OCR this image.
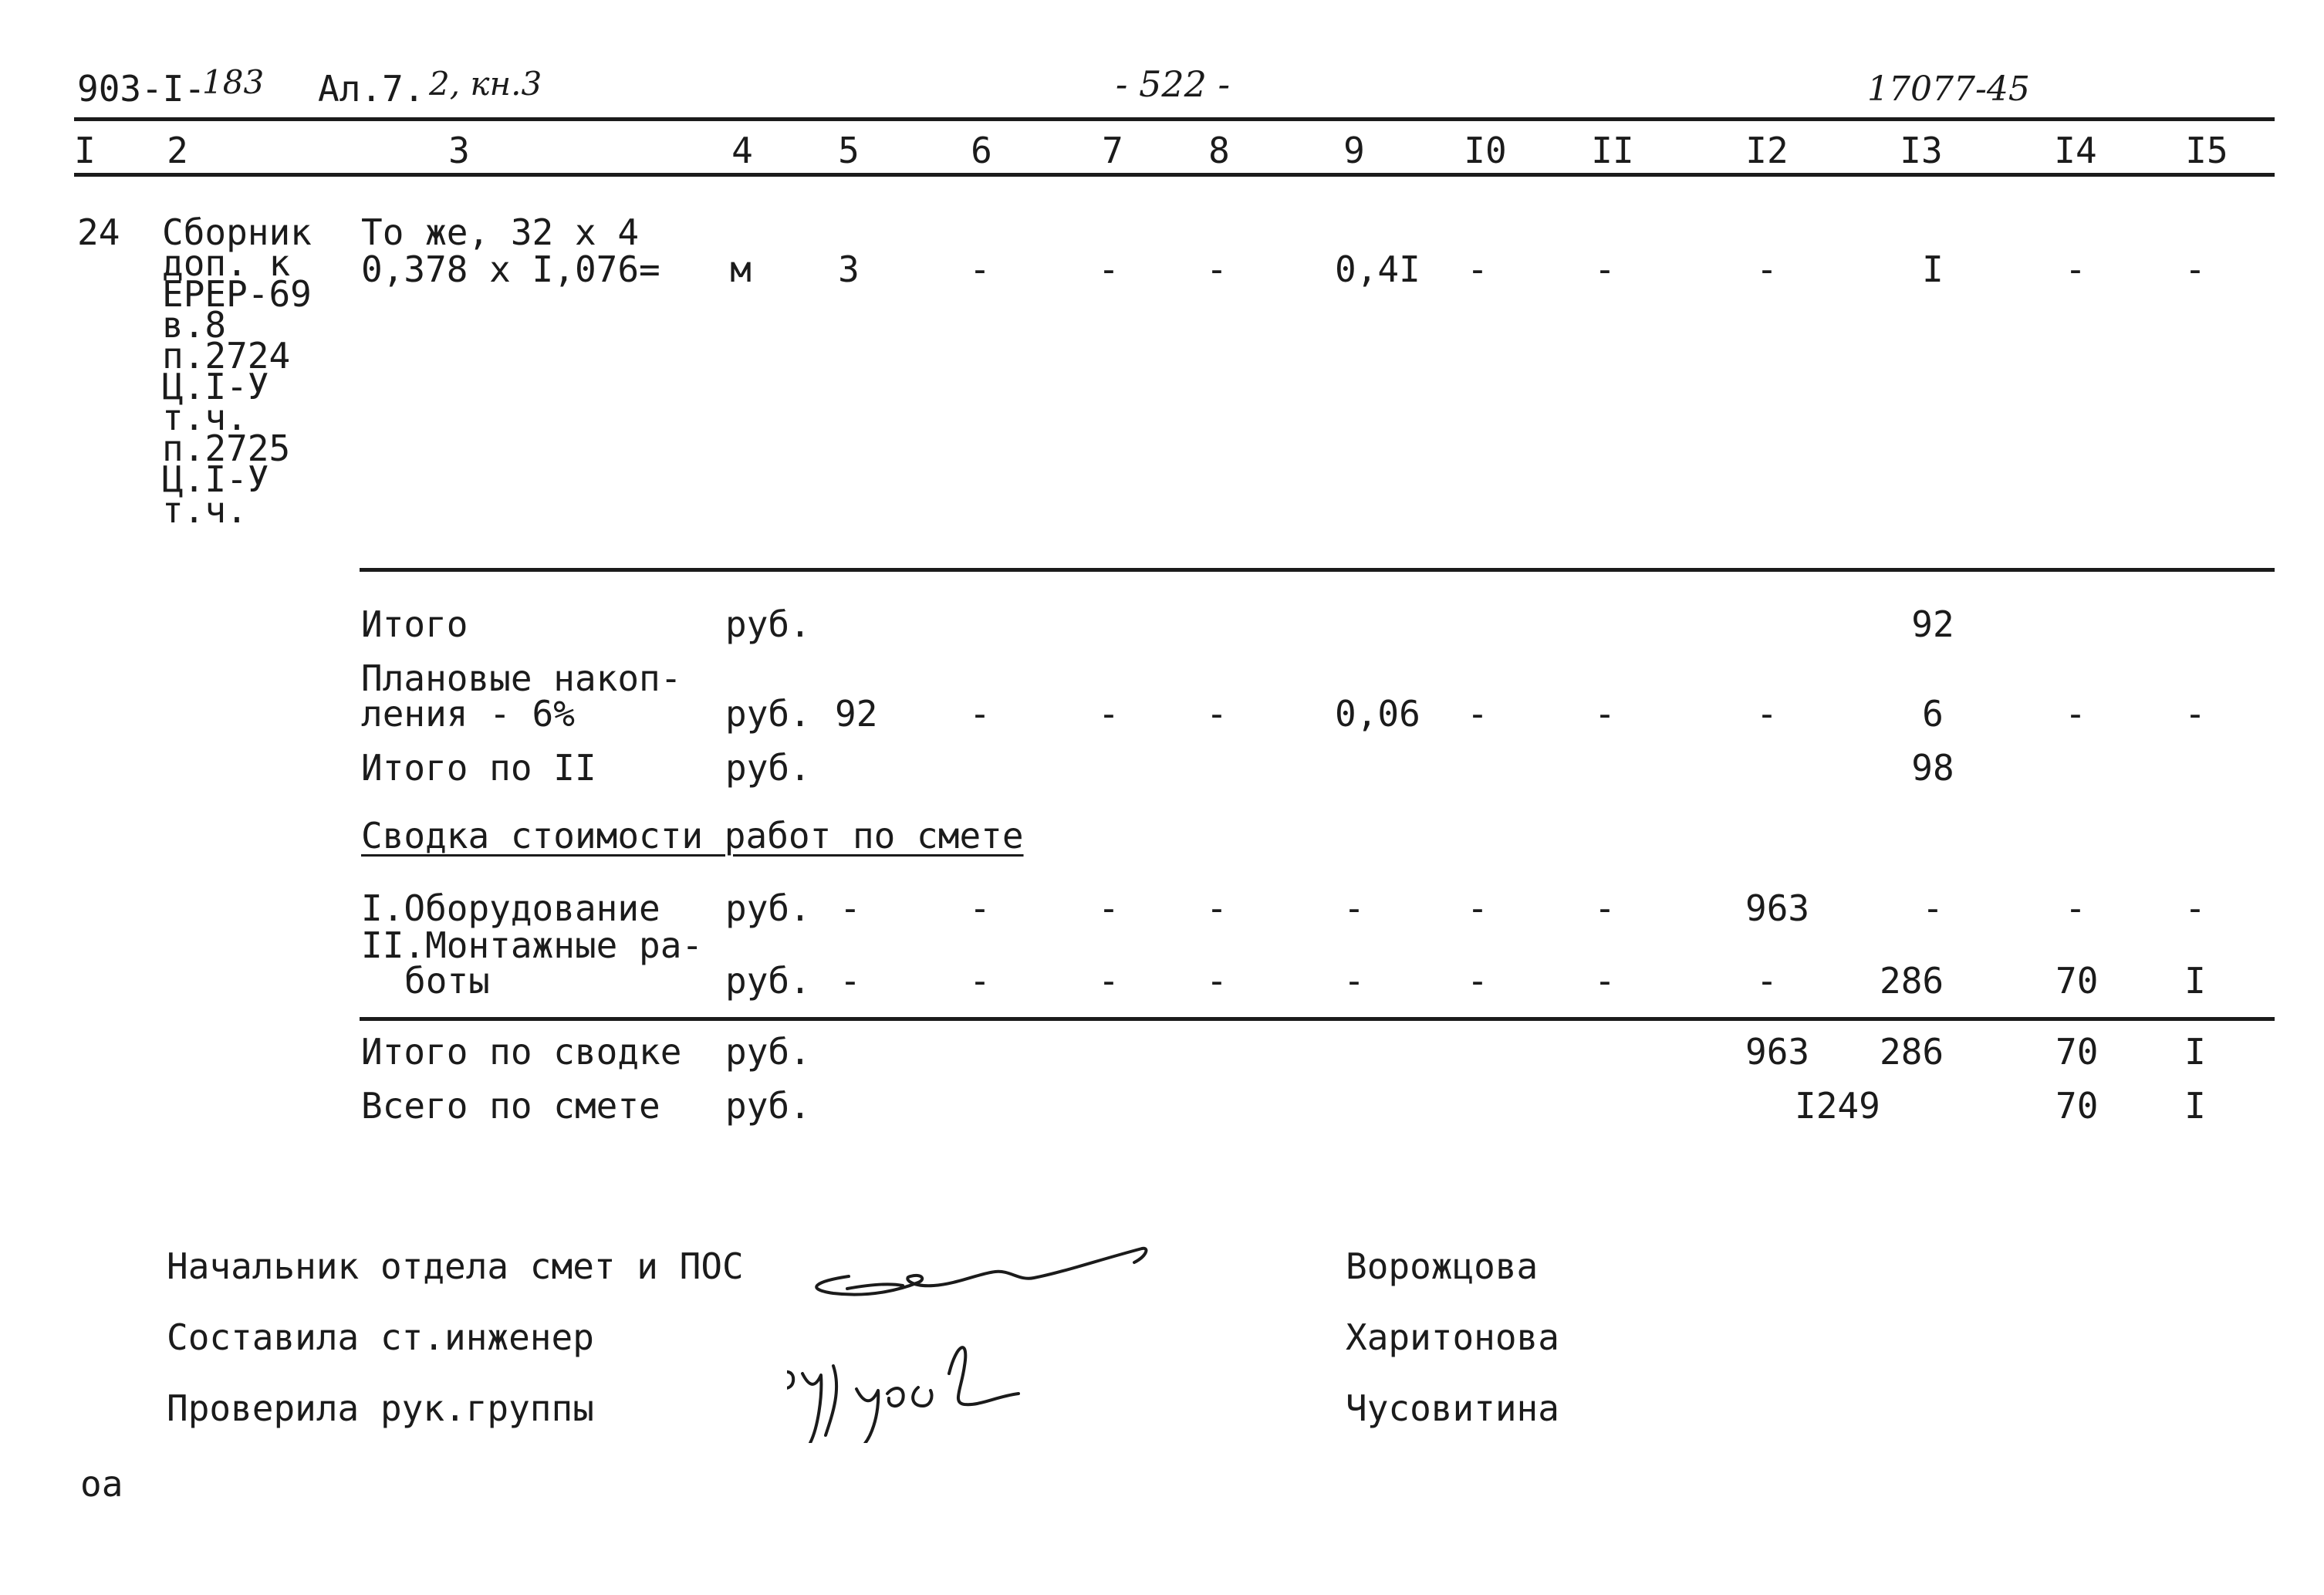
903-I-
183 Ал.7. 2, кн.3	- 522 -	17077-45
I 2	3	4 5	6	7 8	9	I0 II	I2	I3	I4 I5
24 Сборник
доп. к
ЕРЕР-69
в.8
п.2724
Ц.I-У
т.ч.
п.2725
Ц.I-У
т.ч.
То же, 32 х 4
0,378 х I,076= м 3	-	- -	0,4I -	-	-	I	-	-
Итого	руб.	92
Плановые накоп-
ления - 6%	руб. 92	-	- -	0,06 -	-	-	6	-	-
Итого по II	руб.	98
Сводка стоимости работ по смете
I.Оборудование руб. -	-	- -	-	-	-	963	-	-	-
II.Монтажные ра-
боты	руб. -	-	- -	-	-	-	-	286	70 I
Итого по сводке руб.	963 286	70 I
Всего по смете руб.	I249	70 I
Начальник отдела смет и ПОС
Составила ст.инженер
Проверила рук.группы
Ворожцова
Харитонова
Чусовитина
оа
